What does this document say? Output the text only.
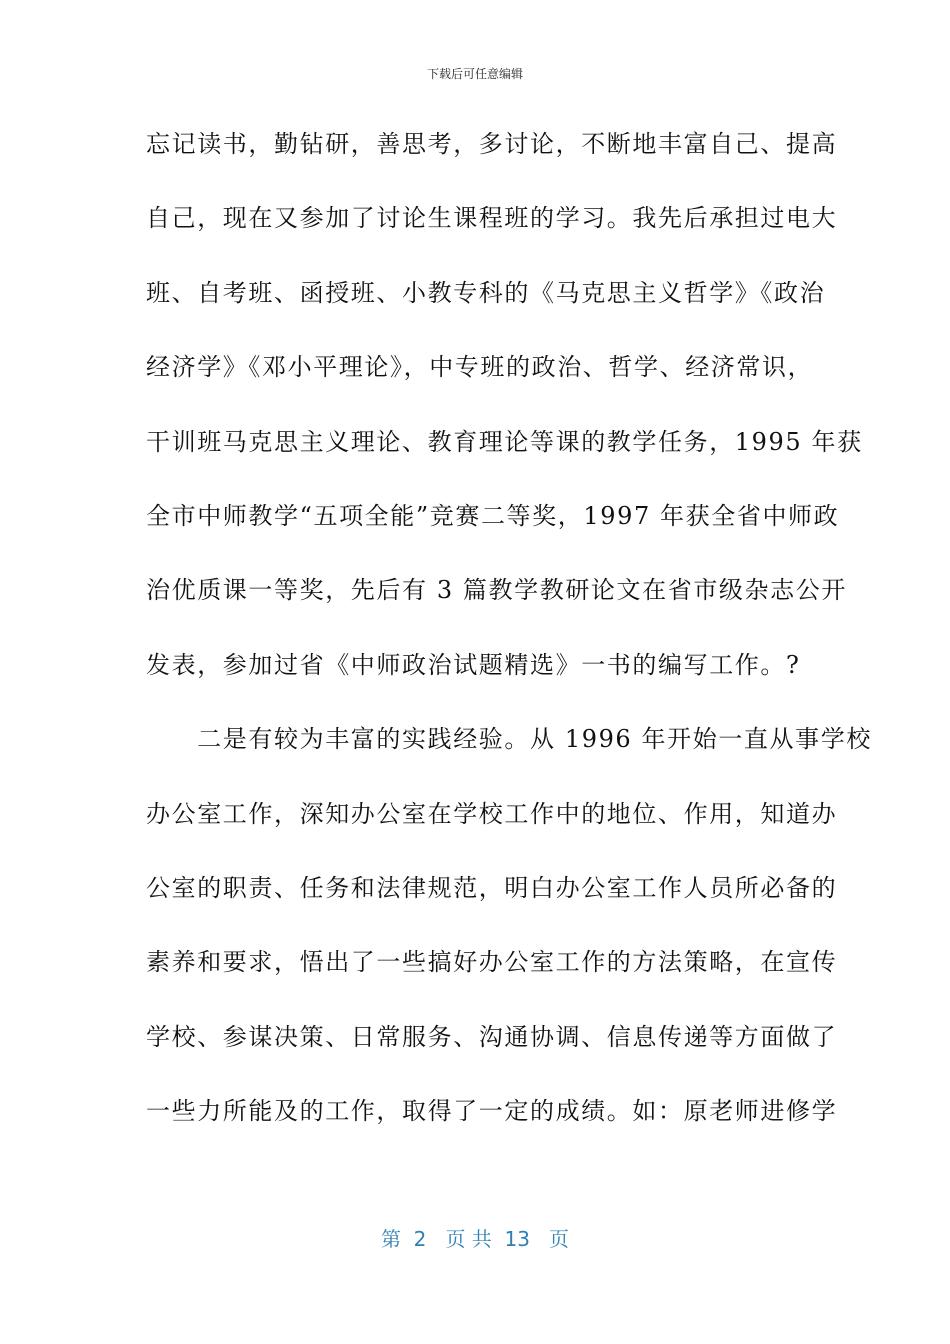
下载后可任意编辑
忘记读书，勤钻研，善思考，多讨论，不断地丰富自己、提高
自己，现在又参加了讨论生课程班的学习。我先后承担过电大
班、自考班、函授班、小教专科的《马克思主义哲学》《政治
经济学》《邓小平理论》，中专班的政治、哲学、经济常识，
干训班马克思主义理论、教育理论等课的教学任务，1995 年获
全市中师教学“五项全能”竞赛二等奖，1997 年获全省中师政
治优质课一等奖，先后有 3 篇教学教研论文在省市级杂志公开
发表，参加过省《中师政治试题精选》一书的编写工作。?
　　二是有较为丰富的实践经验。从 1996 年开始一直从事学校
办公室工作，深知办公室在学校工作中的地位、作用，知道办
公室的职责、任务和法律规范，明白办公室工作人员所必备的
素养和要求，悟出了一些搞好办公室工作的方法策略，在宣传
学校、参谋决策、日常服务、沟通协调、信息传递等方面做了
一些力所能及的工作，取得了一定的成绩。如：原老师进修学
第  2   页 共  13   页
